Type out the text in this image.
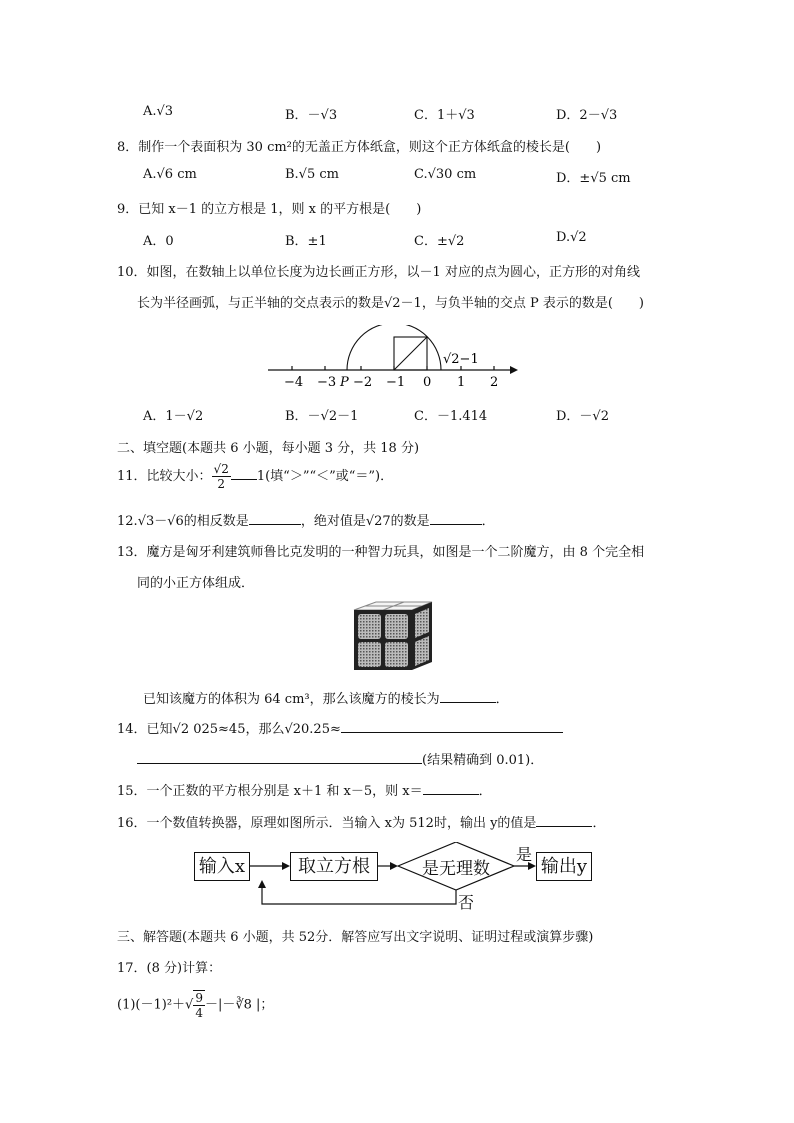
A.√3	B．－√3	C．1＋√3	D．2－√3
8．制作一个表面积为 30 cm²的无盖正方体纸盒，则这个正方体纸盒的棱长是(　　)
A.√6 cm	B.√5 cm	C.√30 cm	D．±√5 cm
9．已知 x－1 的立方根是 1，则 x 的平方根是(　　)
A．0	B．±1	C．±√2	D.√2
10．如图，在数轴上以单位长度为边长画正方形，以－1 对应的点为圆心，正方形的对角线
长为半径画弧，与正半轴的交点表示的数是√2－1，与负半轴的交点 P 表示的数是(　　)
−4 −3 P −2 −1 0 1 2
√2−1
A．1－√2	B．－√2－1	C．－1.414	D．－√2
二、填空题(本题共 6 小题，每小题 3 分，共 18 分)
11．比较大小： $\frac{√2}{2} 1$(填“＞”“＜”或“＝”)．
12.√3－√6的相反数是	，绝对值是√27的数是	．
13．魔方是匈牙利建筑师鲁比克发明的一种智力玩具，如图是一个二阶魔方，由 8 个完全相
同的小正方体组成．
已知该魔方的体积为 64 cm³，那么该魔方的棱长为	．
14．已知√2 025≈45，那么√20.25≈
(结果精确到 0.01)．
15．一个正数的平方根分别是 x＋1 和 x－5，则 x＝	．
16．一个数值转换器，原理如图所示．当输入 x为 512时，输出 y的值是	．
输入x	取立方根	输出y
是无理数
是
否
三、解答题(本题共 6 小题，共 52分．解答应写出文字说明、证明过程或演算步骤)
17．(8 分)计算：
$(1)(-1)^2+√ \frac{9}{4}$ －|－∛8 |；
